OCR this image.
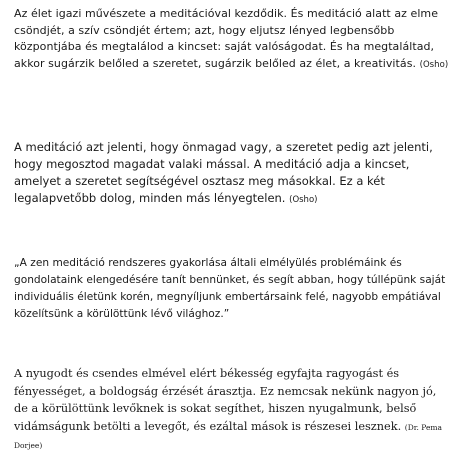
Az élet igazi művészete a meditációval kezdődik. És meditáció alatt az elme csöndjét, a szív csöndjét értem; azt, hogy eljutsz lényed legbensőbb központjába és megtalálod a kincset: saját valóságodat. És ha megtaláltad, akkor sugárzik belőled a szeretet, sugárzik belőled az élet, a kreativitás. (Osho)

A meditáció azt jelenti, hogy önmagad vagy, a szeretet pedig azt jelenti, hogy megosztod magadat valaki mással. A meditáció adja a kincset, amelyet a szeretet segítségével osztasz meg másokkal. Ez a két legalapvetőbb dolog, minden más lényegtelen. (Osho)

„A zen meditáció rendszeres gyakorlása általi elmélyülés problémáink és gondolataink elengedésére tanít bennünket, és segít abban, hogy túllépünk saját individuális életünk korén, megnyíljunk embertársaink felé, nagyobb empátiával közelítsünk a körülöttünk lévő világhoz.”

A nyugodt és csendes elmével elért békesség egyfajta ragyogást és fényességet, a boldogság érzését árasztja. Ez nemcsak nekünk nagyon jó, de a körülöttünk levőknek is sokat segíthet, hiszen nyugalmunk, belső vidámságunk betölti a levegőt, és ezáltal mások is részesei lesznek. (Dr. Pema Dorjee)
